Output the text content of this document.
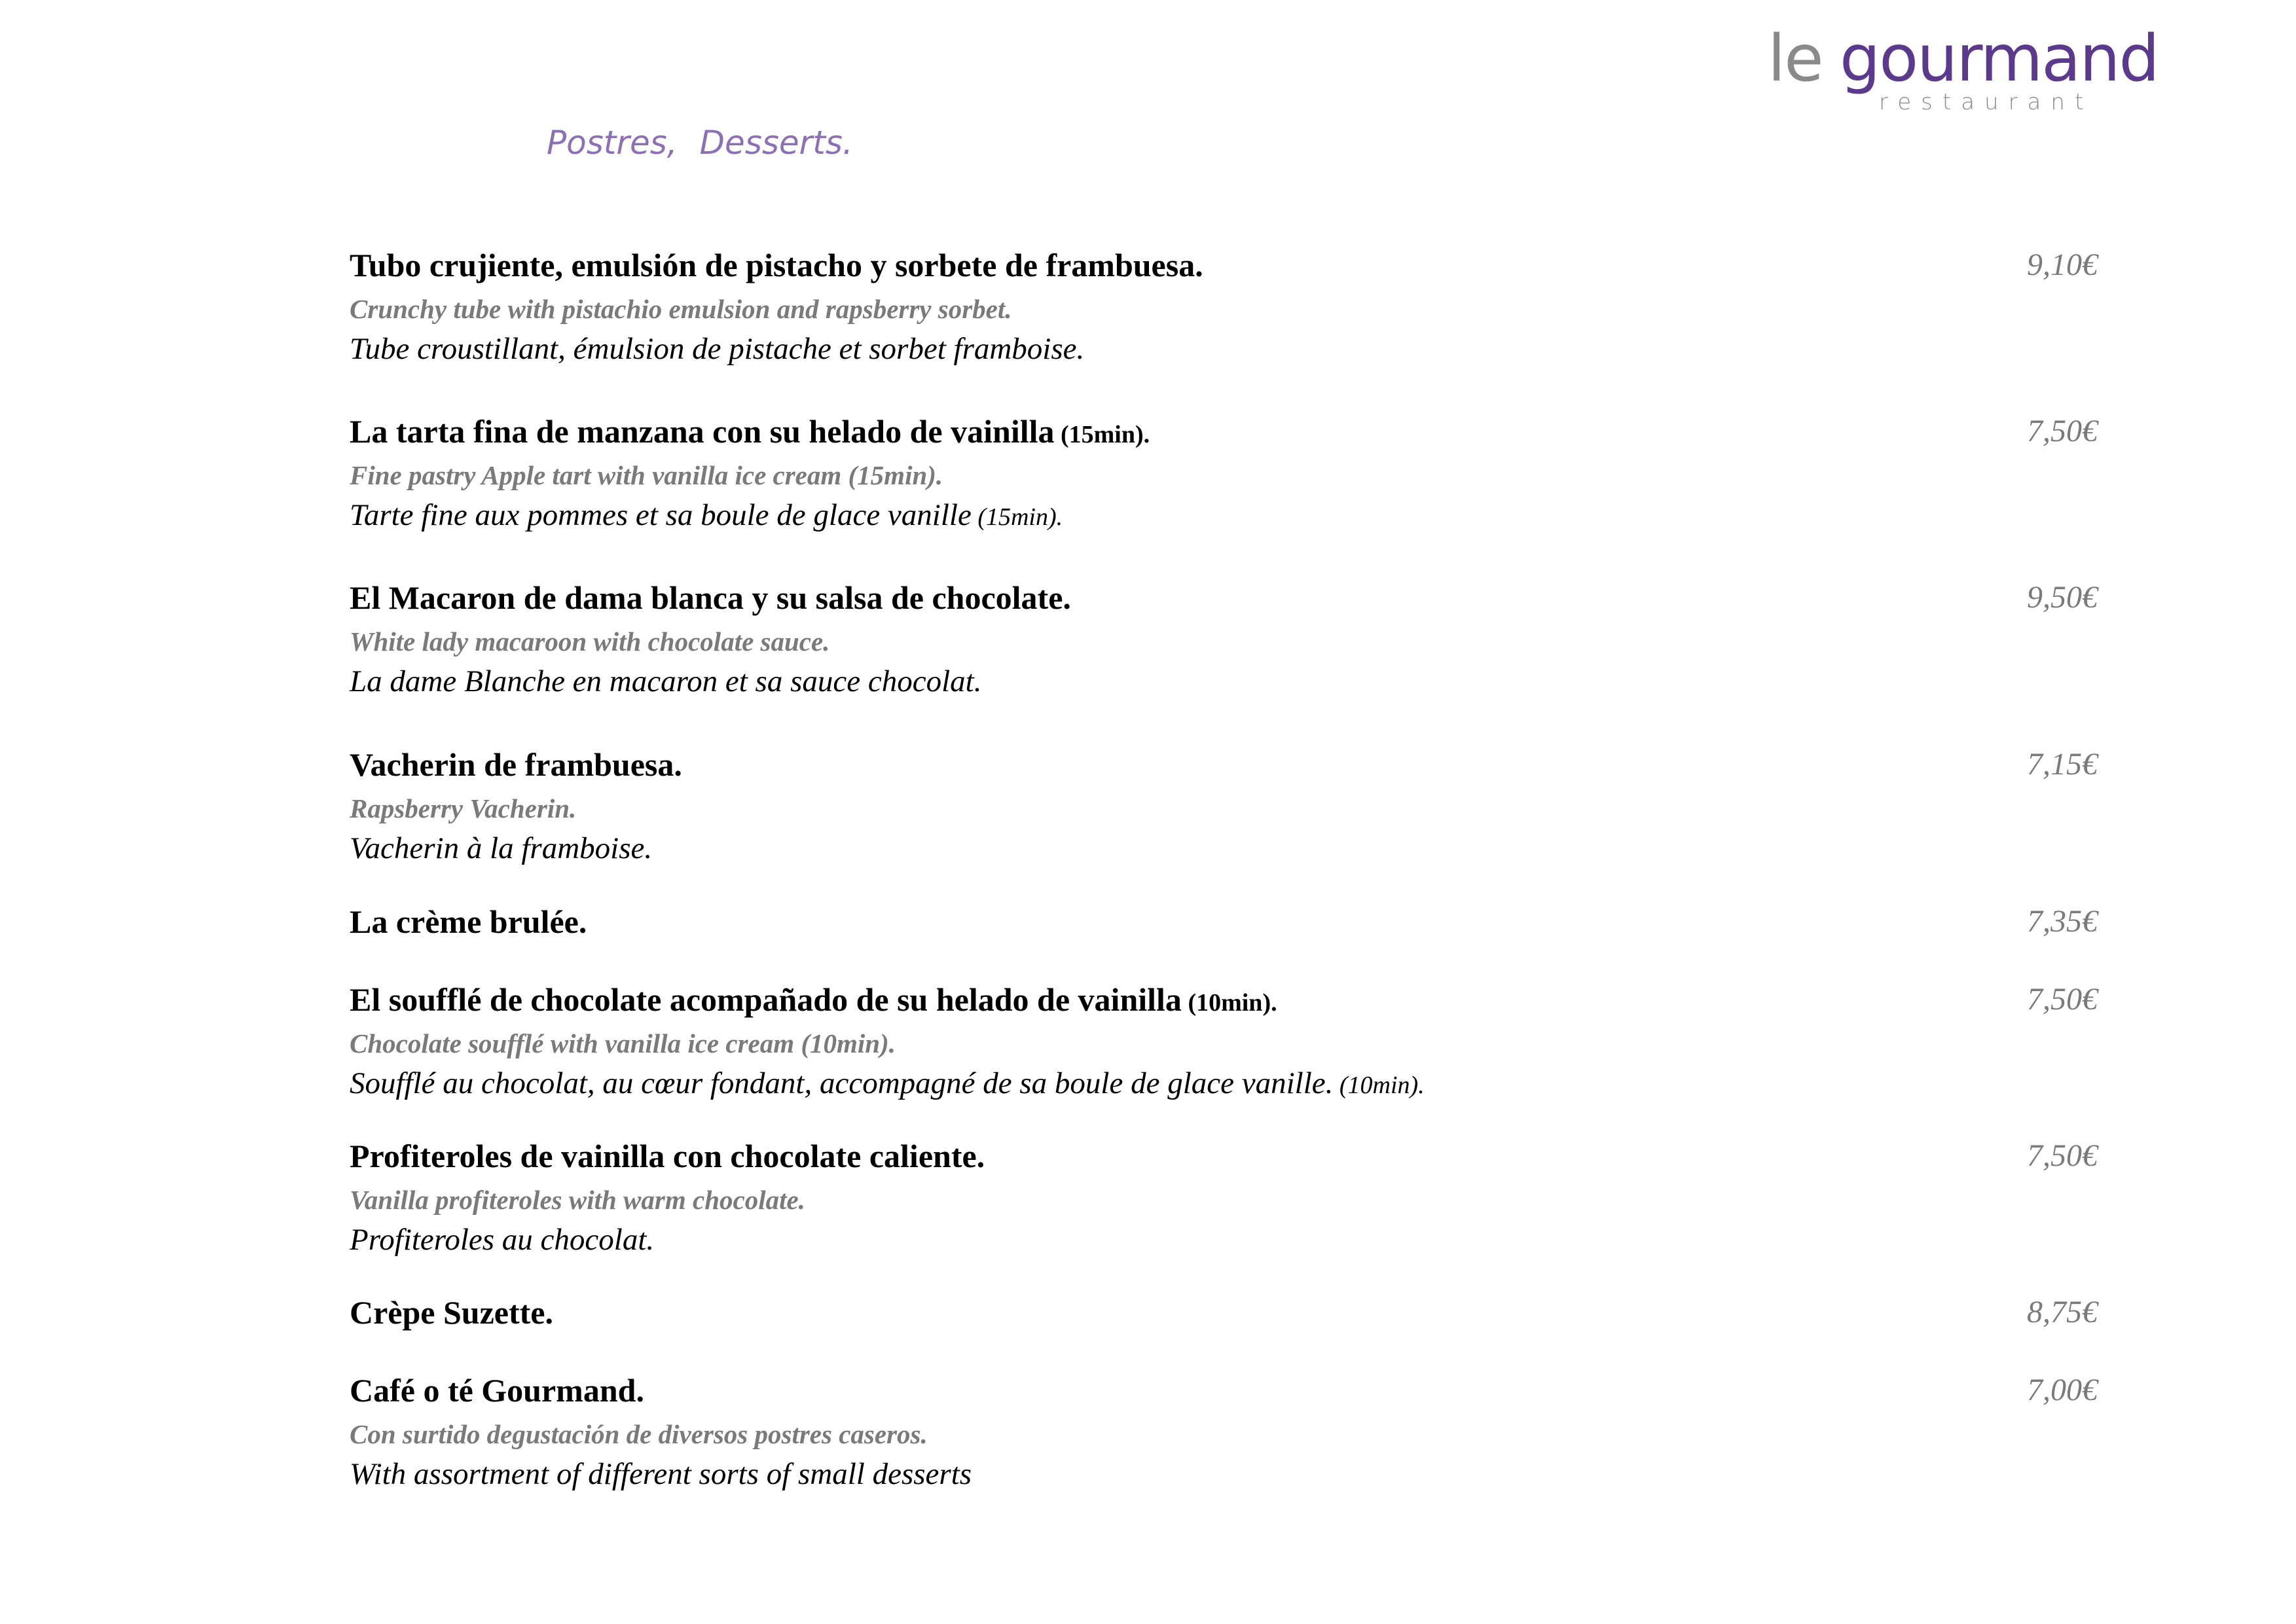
le gourmand
restaurant
Postres, Desserts.
Tubo crujiente, emulsión de pistacho y sorbete de frambuesa.
Crunchy tube with pistachio emulsion and rapsberry sorbet.
Tube croustillant, émulsion de pistache et sorbet framboise.
9,10€
La tarta fina de manzana con su helado de vainilla (15min).
Fine pastry Apple tart with vanilla ice cream (15min).
Tarte fine aux pommes et sa boule de glace vanille (15min).
7,50€
El Macaron de dama blanca y su salsa de chocolate.
White lady macaroon with chocolate sauce.
La dame Blanche en macaron et sa sauce chocolat.
9,50€
Vacherin de frambuesa.
Rapsberry Vacherin.
Vacherin à la framboise.
7,15€
La crème brulée.	7,35€
El soufflé de chocolate acompañado de su helado de vainilla (10min).
Chocolate soufflé with vanilla ice cream (10min).
Soufflé au chocolat, au cœur fondant, accompagné de sa boule de glace vanille. (10min).
7,50€
Profiteroles de vainilla con chocolate caliente.
Vanilla profiteroles with warm chocolate.
Profiteroles au chocolat.
7,50€
Crèpe Suzette.	8,75€
Café o té Gourmand.
Con surtido degustación de diversos postres caseros.
With assortment of different sorts of small desserts
7,00€
